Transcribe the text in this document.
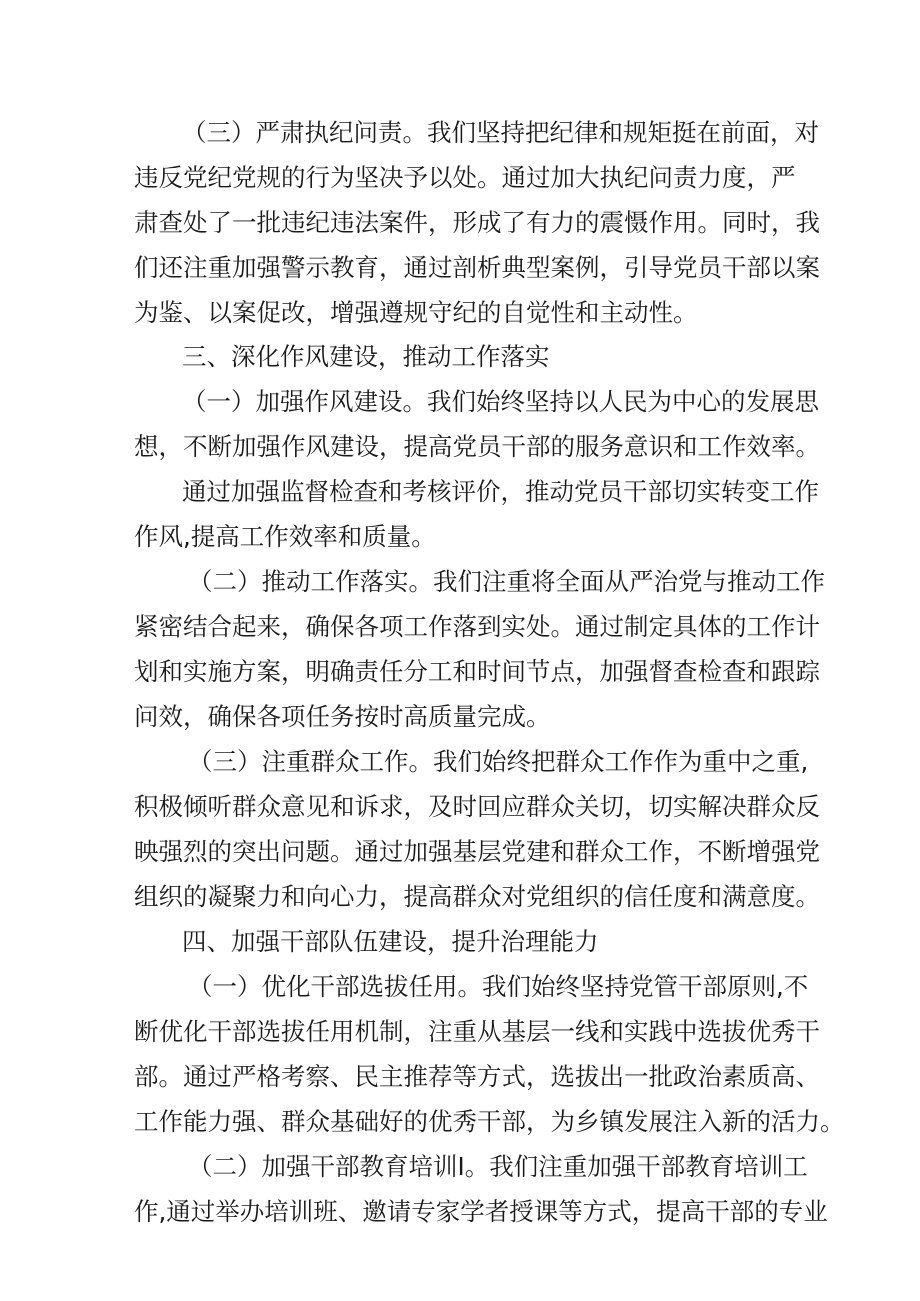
（三）严肃执纪问责。我们坚持把纪律和规矩挺在前面，对

违反党纪党规的行为坚决予以处。通过加大执纪问责力度，严

肃查处了一批违纪违法案件，形成了有力的震慑作用。同时，我

们还注重加强警示教育，通过剖析典型案例，引导党员干部以案

为鉴、以案促改，增强遵规守纪的自觉性和主动性。

三、深化作风建设，推动工作落实

（一）加强作风建设。我们始终坚持以人民为中心的发展思

想，不断加强作风建设，提高党员干部的服务意识和工作效率。

通过加强监督检查和考核评价，推动党员干部切实转变工作

作风,提高工作效率和质量。

（二）推动工作落实。我们注重将全面从严治党与推动工作

紧密结合起来，确保各项工作落到实处。通过制定具体的工作计

划和实施方案，明确责任分工和时间节点，加强督查检查和跟踪

问效，确保各项任务按时高质量完成。

（三）注重群众工作。我们始终把群众工作作为重中之重,

积极倾听群众意见和诉求，及时回应群众关切，切实解决群众反

映强烈的突出问题。通过加强基层党建和群众工作，不断增强党

组织的凝聚力和向心力，提高群众对党组织的信任度和满意度。

四、加强干部队伍建设，提升治理能力

（一）优化干部选拔任用。我们始终坚持党管干部原则,不

断优化干部选拔任用机制，注重从基层一线和实践中选拔优秀干

部。通过严格考察、民主推荐等方式，选拔出一批政治素质高、

工作能力强、群众基础好的优秀干部，为乡镇发展注入新的活力。

（二）加强干部教育培训I。我们注重加强干部教育培训工

作,通过举办培训班、邀请专家学者授课等方式，提高干部的专业
